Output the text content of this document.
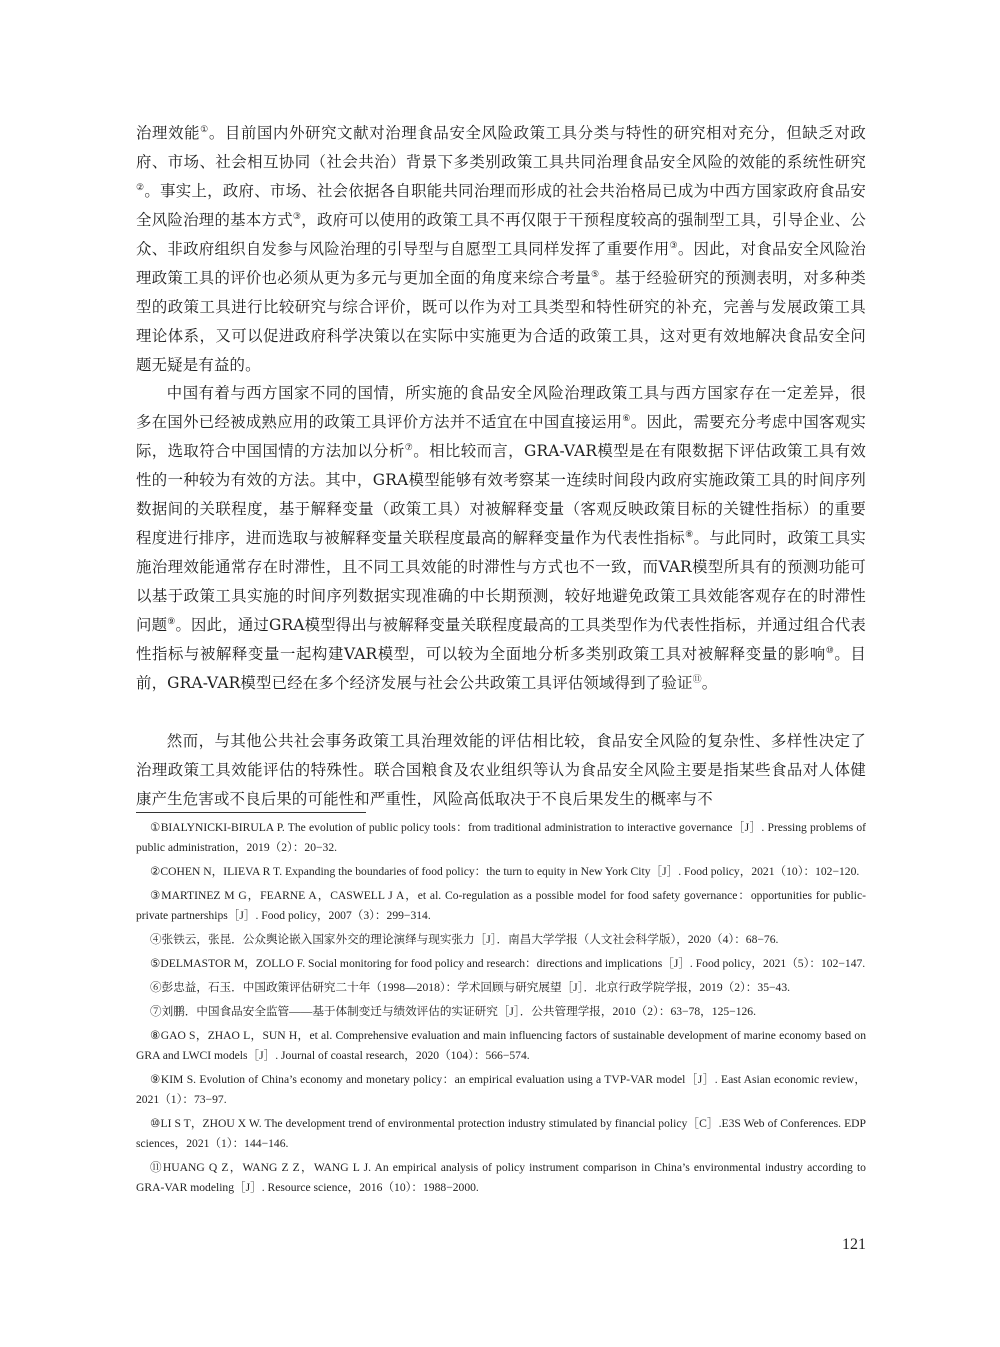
治理效能①。目前国内外研究文献对治理食品安全风险政策工具分类与特性的研究相对充分，但缺乏对政府、市场、社会相互协同（社会共治）背景下多类别政策工具共同治理食品安全风险的效能的系统性研究②。事实上，政府、市场、社会依据各自职能共同治理而形成的社会共治格局已成为中西方国家政府食品安全风险治理的基本方式③，政府可以使用的政策工具不再仅限于干预程度较高的强制型工具，引导企业、公众、非政府组织自发参与风险治理的引导型与自愿型工具同样发挥了重要作用③。因此，对食品安全风险治理政策工具的评价也必须从更为多元与更加全面的角度来综合考量⑤。基于经验研究的预测表明，对多种类型的政策工具进行比较研究与综合评价，既可以作为对工具类型和特性研究的补充，完善与发展政策工具理论体系，又可以促进政府科学决策以在实际中实施更为合适的政策工具，这对更有效地解决食品安全问题无疑是有益的。

中国有着与西方国家不同的国情，所实施的食品安全风险治理政策工具与西方国家存在一定差异，很多在国外已经被成熟应用的政策工具评价方法并不适宜在中国直接运用⑥。因此，需要充分考虑中国客观实际，选取符合中国国情的方法加以分析⑦。相比较而言，GRA-VAR模型是在有限数据下评估政策工具有效性的一种较为有效的方法。其中，GRA模型能够有效考察某一连续时间段内政府实施政策工具的时间序列数据间的关联程度，基于解释变量（政策工具）对被解释变量（客观反映政策目标的关键性指标）的重要程度进行排序，进而选取与被解释变量关联程度最高的解释变量作为代表性指标⑧。与此同时，政策工具实施治理效能通常存在时滞性，且不同工具效能的时滞性与方式也不一致，而VAR模型所具有的预测功能可以基于政策工具实施的时间序列数据实现准确的中长期预测，较好地避免政策工具效能客观存在的时滞性问题⑨。因此，通过GRA模型得出与被解释变量关联程度最高的工具类型作为代表性指标，并通过组合代表性指标与被解释变量一起构建VAR模型，可以较为全面地分析多类别政策工具对被解释变量的影响⑩。目前，GRA-VAR模型已经在多个经济发展与社会公共政策工具评估领域得到了验证⑪。

然而，与其他公共社会事务政策工具治理效能的评估相比较，食品安全风险的复杂性、多样性决定了治理政策工具效能评估的特殊性。联合国粮食及农业组织等认为食品安全风险主要是指某些食品对人体健康产生危害或不良后果的可能性和严重性，风险高低取决于不良后果发生的概率与不

①BIALYNICKI-BIRULA P. The evolution of public policy tools：from traditional administration to interactive governance［J］. Pressing problems of public administration，2019（2）：20−32.
②COHEN N，ILIEVA R T. Expanding the boundaries of food policy：the turn to equity in New York City［J］. Food policy，2021（10）：102−120.
③MARTINEZ M G，FEARNE A，CASWELL J A，et al. Co-regulation as a possible model for food safety governance：opportunities for public-private partnerships［J］. Food policy，2007（3）：299−314.
④张铁云，张昆．公众舆论嵌入国家外交的理论演绎与现实张力［J］．南昌大学学报（人文社会科学版），2020（4）：68−76.
⑤DELMASTOR M，ZOLLO F. Social monitoring for food policy and research：directions and implications［J］. Food policy，2021（5）：102−147.
⑥彭忠益，石玉．中国政策评估研究二十年（1998—2018）：学术回顾与研究展望［J］．北京行政学院学报，2019（2）：35−43.
⑦刘鹏．中国食品安全监管——基于体制变迁与绩效评估的实证研究［J］．公共管理学报，2010（2）：63−78，125−126.
⑧GAO S，ZHAO L，SUN H，et al. Comprehensive evaluation and main influencing factors of sustainable development of marine economy based on GRA and LWCI models［J］. Journal of coastal research，2020（104）：566−574.
⑨KIM S. Evolution of China’s economy and monetary policy：an empirical evaluation using a TVP-VAR model［J］. East Asian economic review，2021（1）：73−97.
⑩LI S T，ZHOU X W. The development trend of environmental protection industry stimulated by financial policy［C］.E3S Web of Conferences. EDP sciences，2021（1）：144−146.
⑪HUANG Q Z，WANG Z Z，WANG L J. An empirical analysis of policy instrument comparison in China’s environmental industry according to GRA-VAR modeling［J］. Resource science，2016（10）：1988−2000.
121
